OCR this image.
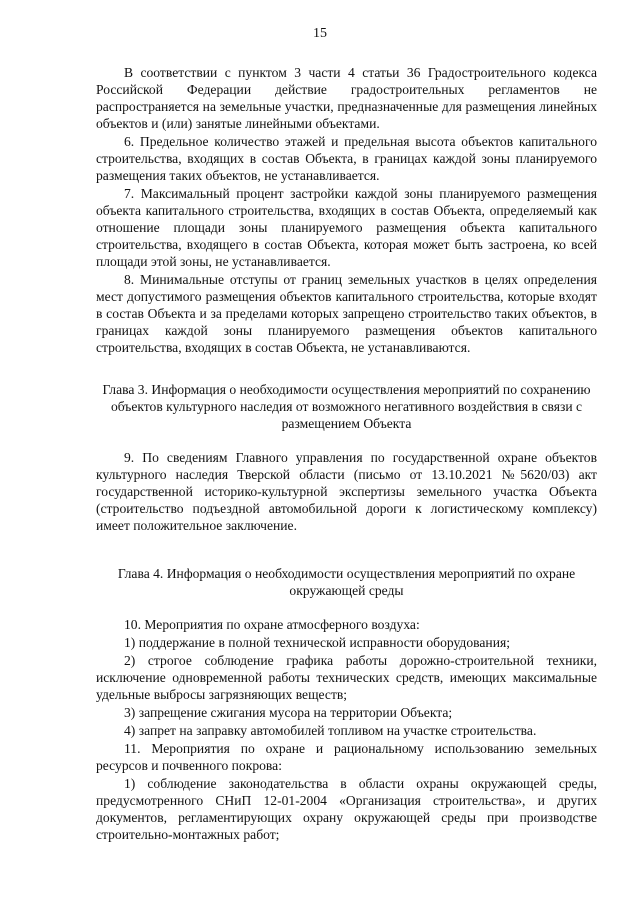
15

В соответствии с пунктом 3 части 4 статьи 36 Градостроительного кодекса Российской Федерации действие градостроительных регламентов не распространяется на земельные участки, предназначенные для размещения линейных объектов и (или) занятые линейными объектами.

6. Предельное количество этажей и предельная высота объектов капитального строительства, входящих в состав Объекта, в границах каждой зоны планируемого размещения таких объектов, не устанавливается.

7. Максимальный процент застройки каждой зоны планируемого размещения объекта капитального строительства, входящих в состав Объекта, определяемый как отношение площади зоны планируемого размещения объекта капитального строительства, входящего в состав Объекта, которая может быть застроена, ко всей площади этой зоны, не устанавливается.

8. Минимальные отступы от границ земельных участков в целях определения мест допустимого размещения объектов капитального строительства, которые входят в состав Объекта и за пределами которых запрещено строительство таких объектов, в границах каждой зоны планируемого размещения объектов капитального строительства, входящих в состав Объекта, не устанавливаются.

Глава 3. Информация о необходимости осуществления мероприятий по сохранению объектов культурного наследия от возможного негативного воздействия в связи с размещением Объекта

9. По сведениям Главного управления по государственной охране объектов культурного наследия Тверской области (письмо от 13.10.2021 №5620/03) акт государственной историко-культурной экспертизы земельного участка Объекта (строительство подъездной автомобильной дороги к логистическому комплексу) имеет положительное заключение.

Глава 4. Информация о необходимости осуществления мероприятий по охране окружающей среды

10. Мероприятия по охране атмосферного воздуха:

1) поддержание в полной технической исправности оборудования;

2) строгое соблюдение графика работы дорожно-строительной техники, исключение одновременной работы технических средств, имеющих максимальные удельные выбросы загрязняющих веществ;

3) запрещение сжигания мусора на территории Объекта;

4) запрет на заправку автомобилей топливом на участке строительства.

11. Мероприятия по охране и рациональному использованию земельных ресурсов и почвенного покрова:

1) соблюдение законодательства в области охраны окружающей среды, предусмотренного СНиП 12-01-2004 «Организация строительства», и других документов, регламентирующих охрану окружающей среды при производстве строительно-монтажных работ;
